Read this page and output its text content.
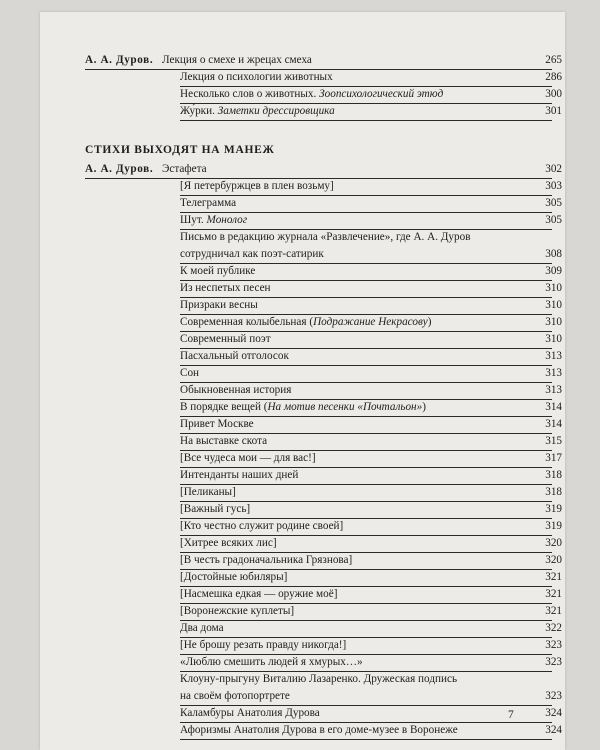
А. А. Дуров. Лекция о смехе и жрецах смеха	265
Лекция о психологии животных	286
Несколько слов о животных. Зоопсихологический этюд	300
Жу́рки. Заметки дрессировщика	301
СТИХИ ВЫХОДЯТ НА МАНЕЖ
А. А. Дуров. Эстафета	302
[Я петербуржцев в плен возьму]	303
Телеграмма	305
Шут. Монолог	305
Письмо в редакцию журнала «Развлечение», где А. А. Дуров
сотрудничал как поэт-сатирик	308
К моей публике	309
Из неспетых песен	310
Призраки весны	310
Современная колыбельная (Подражание Некрасову)	310
Современный поэт	310
Пасхальный отголосок	313
Сон	313
Обыкновенная история	313
В порядке вещей (На мотив песенки «Почтальон»)	314
Привет Москве	314
На выставке скота	315
[Все чудеса мои — для вас!]	317
Интенданты наших дней	318
[Пеликаны]	318
[Важный гусь]	319
[Кто честно служит родине своей]	319
[Хитрее всяких лис]	320
[В честь градоначальника Грязнова]	320
[Достойные юбиляры]	321
[Насмешка едкая — оружие моё]	321
[Воронежские куплеты]	321
Два дома	322
[Не брошу резать правду никогда!]	323
«Люблю смешить людей я хмурых…»	323
Клоуну-прыгуну Виталию Лазаренко. Дружеская подпись
на своём фотопортрете	323
Каламбуры Анатолия Дурова	324
Афоризмы Анатолия Дурова в его доме-музее в Воронеже	324
7
